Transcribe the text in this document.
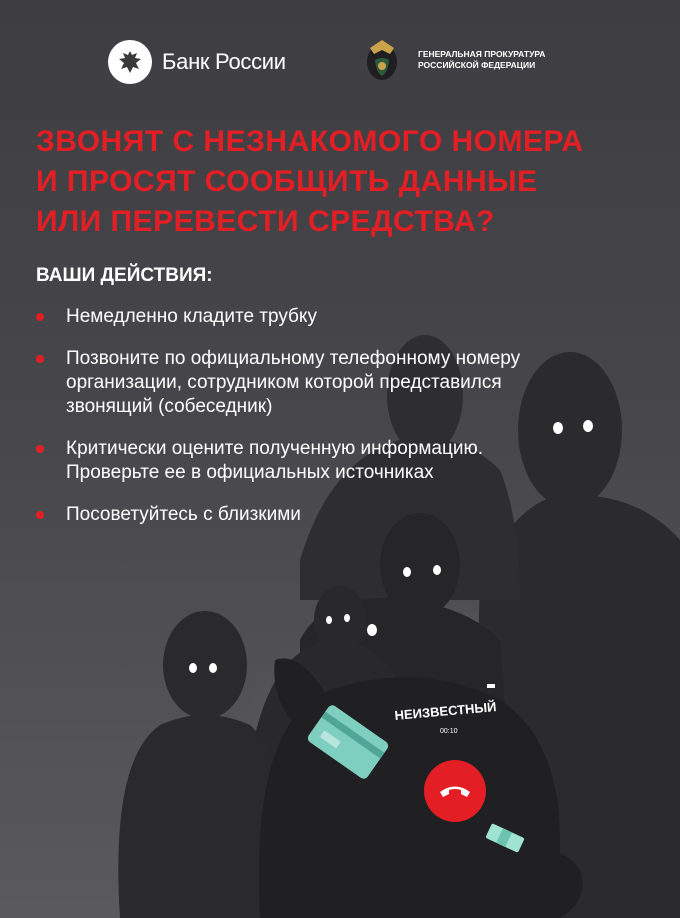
Банк России	ГЕНЕРАЛЬНАЯ ПРОКУРАТУРА
РОССИЙСКОЙ ФЕДЕРАЦИИ
ЗВОНЯТ С НЕЗНАКОМОГО НОМЕРА
И ПРОСЯТ СООБЩИТЬ ДАННЫЕ
ИЛИ ПЕРЕВЕСТИ СРЕДСТВА?
ВАШИ ДЕЙСТВИЯ:
Немедленно кладите трубку
Позвоните по официальному телефонному номеру
организации, сотрудником которой представился
звонящий (собеседник)
Критически оцените полученную информацию.
Проверьте ее в официальных источниках
Посоветуйтесь с близкими

НЕИЗВЕСТНЫЙ

00:10
